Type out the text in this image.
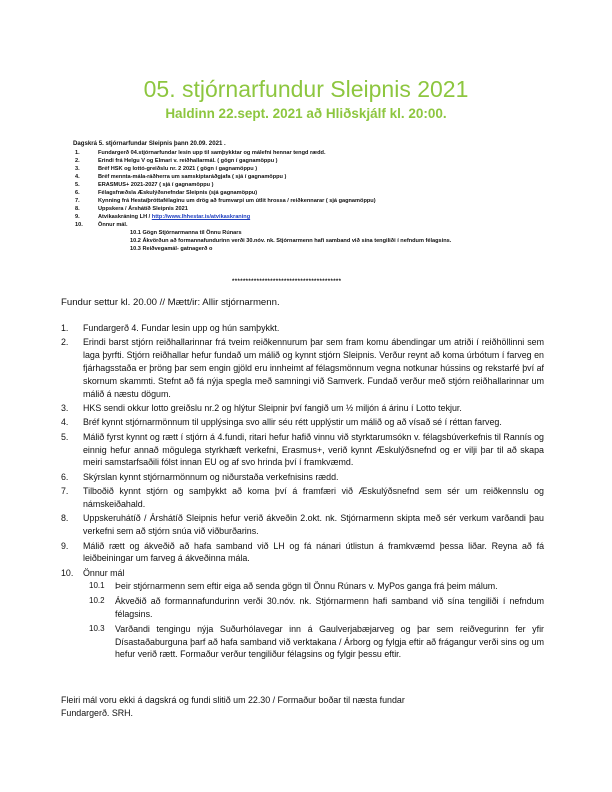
05. stjórnarfundur Sleipnis 2021
Haldinn 22.sept. 2021 að Hliðskjálf kl. 20:00.
Dagskrá 5. stjórnarfundar Sleipnis þann 20.09. 2021 .
1.	Fundargerð 04.stjórnarfundar lesin upp til samþykktar og málefni hennar tengd rædd.
2.	Erindi frá Helgu V og Elmari v. reiðhallarmál. ( gögn í gagnamöppu )
3.	Bréf HSK og lottó-greiðslu nr. 2 2021 ( gögn í gagnamöppu )
4.	Bréf mennta-mála-ráðherra um samskiptaráðgjafa ( sjá í gagnamöppu )
5.	ERASMUS+ 2021-2027 ( sjá í gagnamöppu )
6.	Félagsfræðsla Æskulýðsnefndar Sleipnis (sjá gagnamöppu)
7.	Kynning frá Hestaíþróttafélaginu um drög að frumvarpi um útlit hrossa / reiðkennarar ( sjá gagnamöppu)
8.	Uppskera / Árshátíð Sleipnis 2021
9.	Atvikaskráning LH / http://www.lhhestar.is/atvikaskraning
10.	Önnur mál.
10.1 Gögn Stjórnarmanna til Önnu Rúnars
10.2 Ákvörðun að formannafundurinn verði 30.nóv. nk. Stjórnarmenn hafi samband við sína tengiliði í nefndum félagsins.
10.3 Reiðvegamál- gatnagerð o
****************************************
Fundur settur kl. 20.00 // Mætt/ir: Allir stjórnarmenn.
1. Fundargerð 4. Fundar lesin upp og hún samþykkt.
2. Erindi barst stjórn reiðhallarinnar frá tveim reiðkennurum þar sem fram komu ábendingar um atriði í reiðhöllinni sem laga þyrfti. Stjórn reiðhallar hefur fundað um málið og kynnt stjórn Sleipnis. Verður reynt að koma úrbótum í farveg en fjárhagsstaða er þröng þar sem engin gjöld eru innheimt af félagsmönnum vegna notkunar hússins og rekstarfé því af skornum skammti. Stefnt að fá nýja spegla með samningi við Samverk. Fundað verður með stjórn reiðhallarinnar um málið á næstu dögum.
3. HKS sendi okkur lotto greiðslu nr.2 og hlýtur Sleipnir því fangið um ½ miljón á árinu í Lotto tekjur.
4. Bréf kynnt stjórnarmönnum til upplýsinga svo allir séu rétt upplýstir um málið og að vísað sé í réttan farveg.
5. Málið fyrst kynnt og rætt í stjórn á 4.fundi, ritari hefur hafið vinnu við styrktarumsókn v. félagsbúverkefnis til Rannís og einnig hefur annað mögulega styrkhæft verkefni, Erasmus+, verið kynnt Æskulýðsnefnd og er vilji þar til að skapa meiri samstarfsaðili fólst innan EU og af svo hrinda því í framkvæmd.
6. Skýrslan kynnt stjórnarmönnum og niðurstaða verkefnisins rædd.
7. Tilboðið kynnt stjórn og samþykkt að koma því á framfæri við Æskulýðsnefnd sem sér um reiðkennslu og námskeiðahald.
8. Uppskeruhátíð / Árshátíð Sleipnis hefur verið ákveðin 2.okt. nk. Stjórnarmenn skipta með sér verkum varðandi þau verkefni sem að stjórn snúa við viðburðarins.
9. Málið rætt og ákveðið að hafa samband við LH og fá nánari útlistun á framkvæmd þessa liðar. Reyna að fá leiðbeiningar um farveg á ákveðinna mála.
10. Önnur mál
10.1 Þeir stjórnarmenn sem eftir eiga að senda gögn til Önnu Rúnars v. MyPos ganga frá þeim málum.
10.2 Ákveðið að formannafundurinn verði 30.nóv. nk. Stjórnarmenn hafi samband við sína tengiliði í nefndum félagsins.
10.3 Varðandi tengingu nýja Suðurhólavegar inn á Gaulverjabæjarveg og þar sem reiðvegurinn fer yfir Dísastaðaburguna þarf að hafa samband við verktakana / Árborg og fylgja eftir að frágangur verði sins og um hefur verið rætt. Formaður verður tengiliður félagsins og fylgir þessu eftir.
Fleiri mál voru ekki á dagskrá og fundi slitið um 22.30 / Formaður boðar til næsta fundar
Fundargerð. SRH.
